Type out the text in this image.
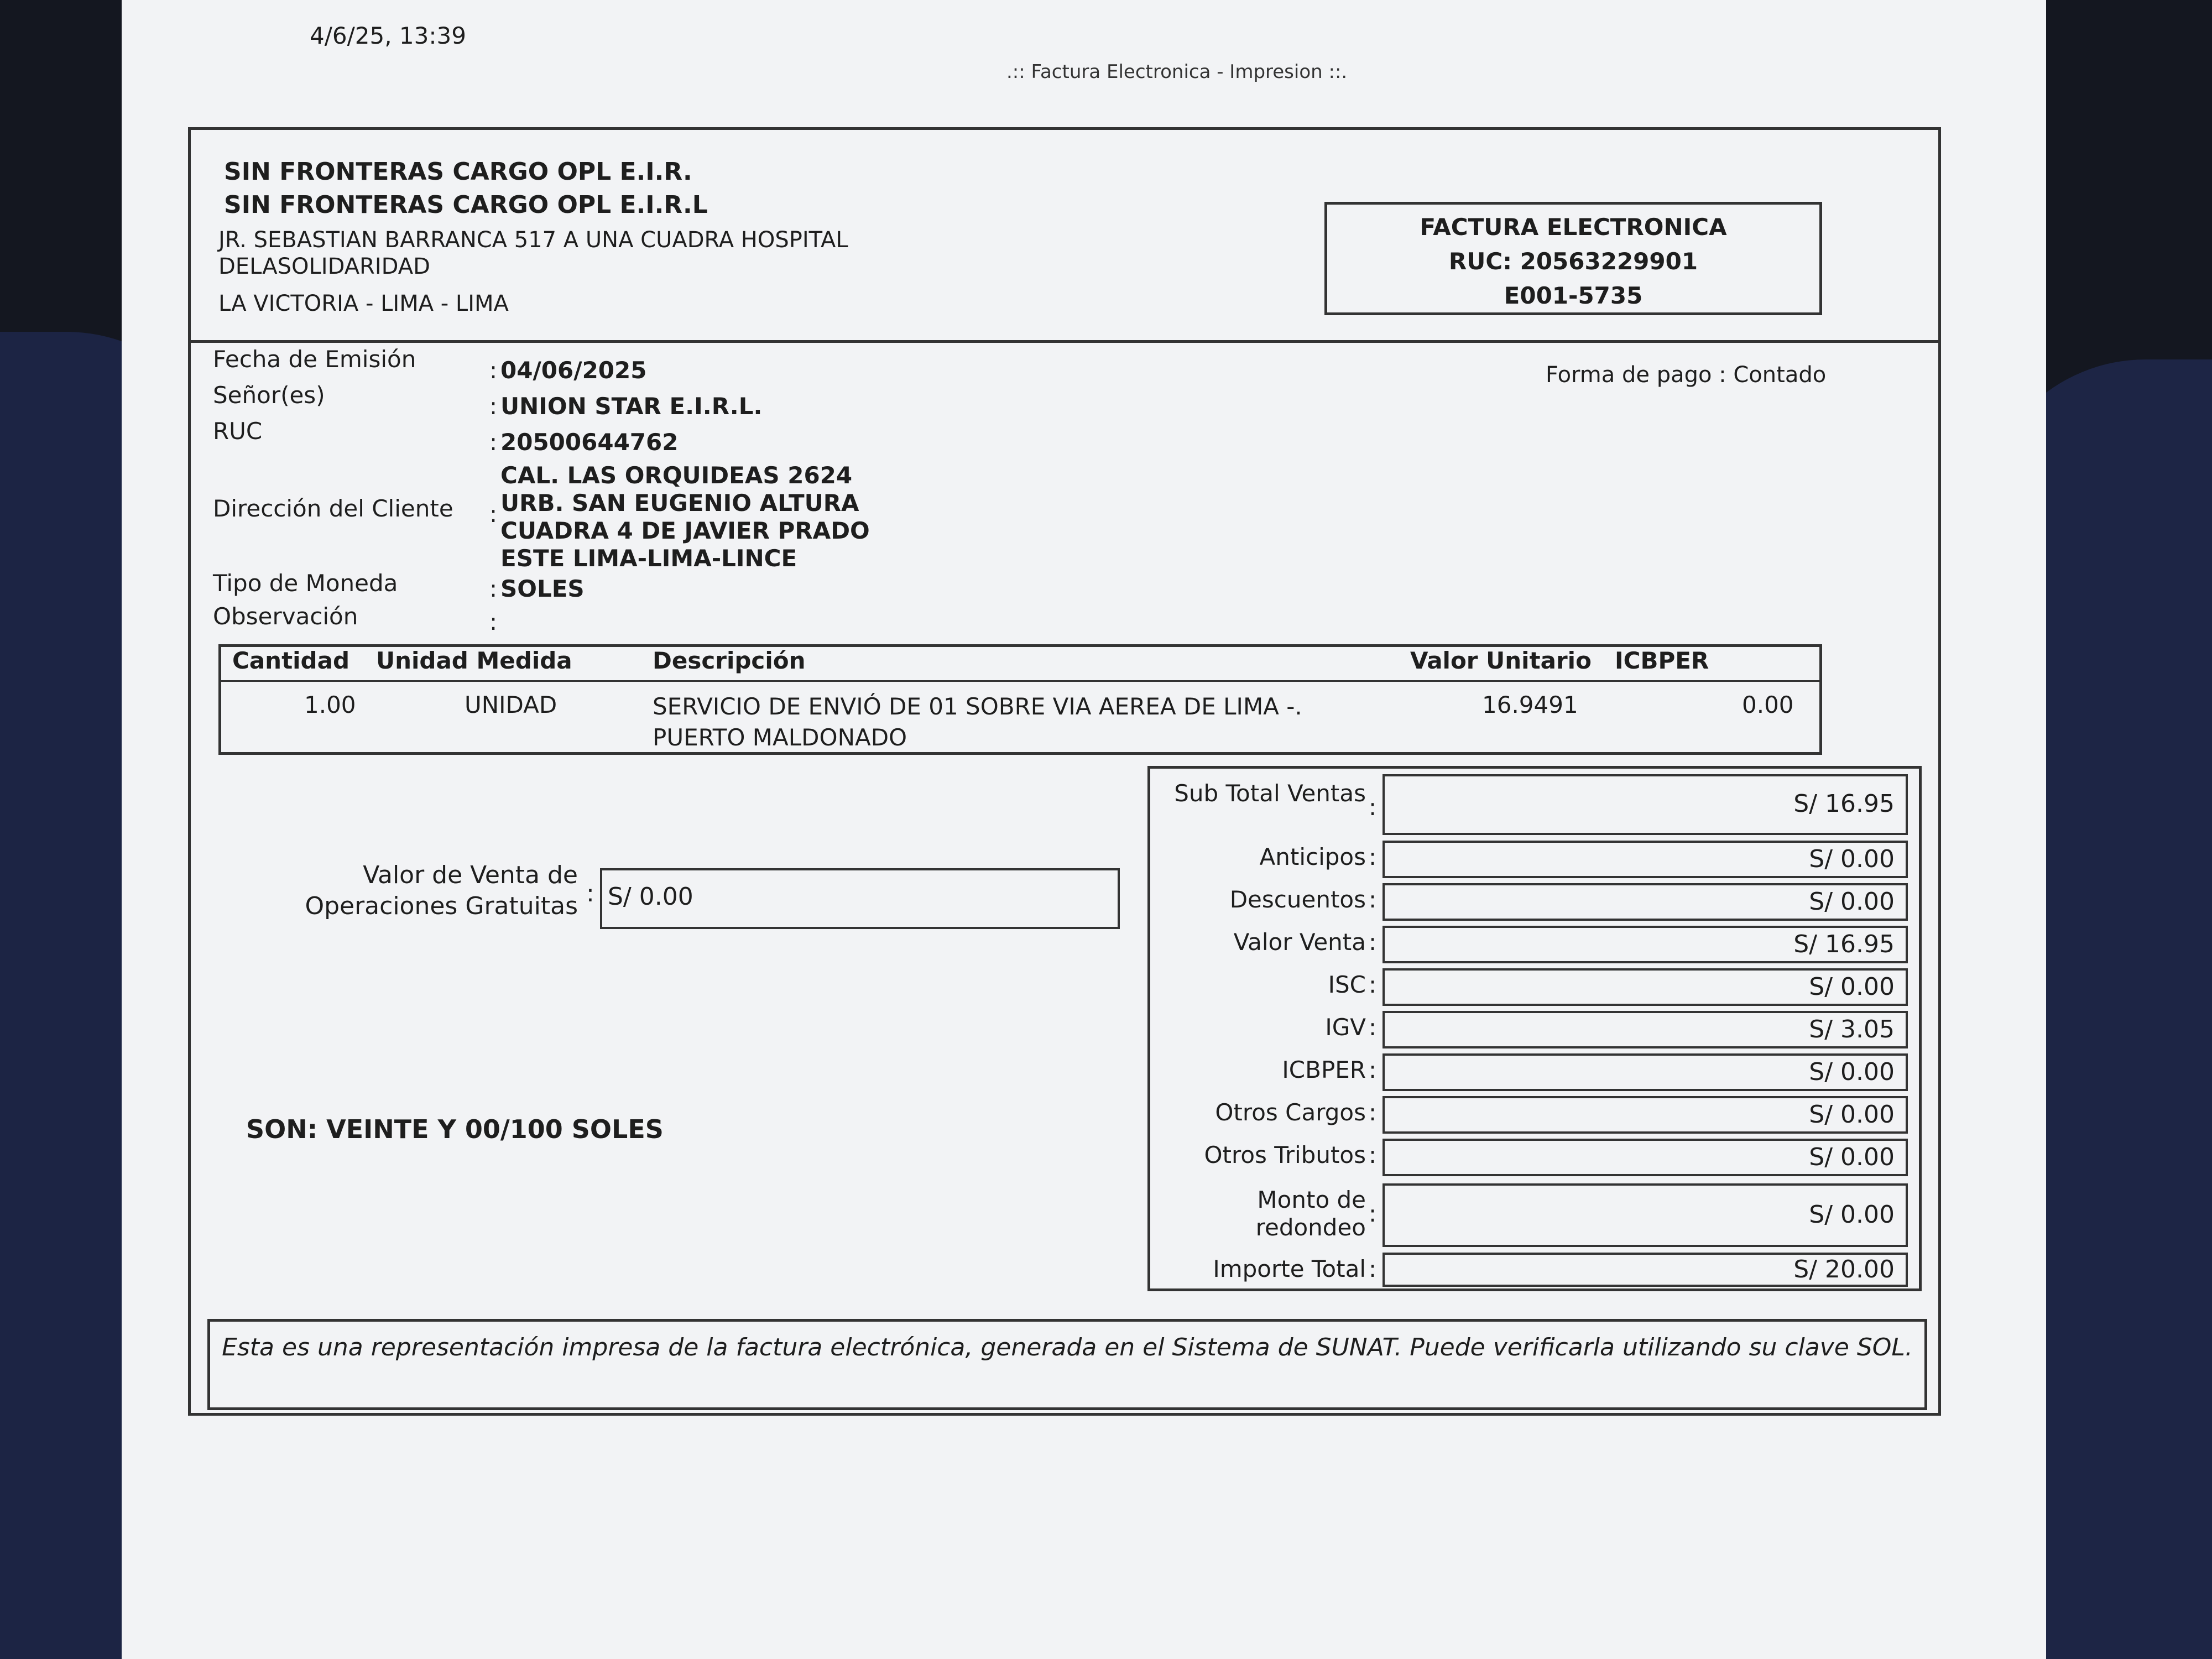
4/6/25, 13:39
.:: Factura Electronica - Impresion ::.
SIN FRONTERAS CARGO OPL E.I.R.
SIN FRONTERAS CARGO OPL E.I.R.L
JR. SEBASTIAN BARRANCA 517 A UNA CUADRA HOSPITAL DELASOLIDARIDAD
LA VICTORIA - LIMA - LIMA
FACTURA ELECTRONICA
RUC: 20563229901
E001-5735
Fecha de Emisión	: 04/06/2025	Forma de pago : Contado
Señor(es)	: UNION STAR E.I.R.L.
RUC	: 20500644762
Dirección del Cliente :
CAL. LAS ORQUIDEAS 2624
URB. SAN EUGENIO ALTURA
CUADRA 4 DE JAVIER PRADO
ESTE LIMA-LIMA-LINCE
Tipo de Moneda	: SOLES
Observación	:
Cantidad Unidad Medida	Descripción	Valor Unitario ICBPER
1.00	UNIDAD	SERVICIO DE ENVIÓ DE 01 SOBRE VIA AEREA DE LIMA -.
PUERTO MALDONADO
16.9491	0.00
Valor de Venta de
Operaciones Gratuitas : S/ 0.00
SON: VEINTE Y 00/100 SOLES
Sub Total Ventas
:	S/ 16.95
Anticipos :	S/ 0.00
Descuentos :	S/ 0.00
Valor Venta :	S/ 16.95
ISC :	S/ 0.00
IGV :	S/ 3.05
ICBPER :	S/ 0.00
Otros Cargos :	S/ 0.00
Otros Tributos :	S/ 0.00
Monto de redondeo
:	S/ 0.00
Importe Total :	S/ 20.00
Esta es una representación impresa de la factura electrónica, generada en el Sistema de SUNAT. Puede verificarla utilizando su clave SOL.
